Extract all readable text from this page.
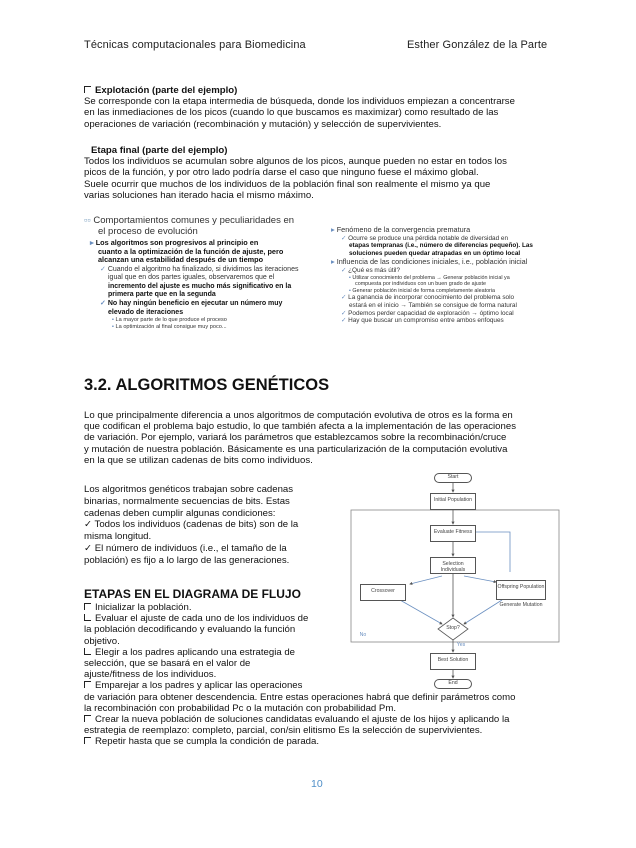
Técnicas computacionales para Biomedicina	Esther González de la Parte
Explotación (parte del ejemplo)
Se corresponde con la etapa intermedia de búsqueda, donde los individuos empiezan a concentrarse
en las inmediaciones de los picos (cuando lo que buscamos es maximizar) como resultado de las
operaciones de variación (recombinación y mutación) y selección de supervivientes.
Etapa final (parte del ejemplo)
Todos los individuos se acumulan sobre algunos de los picos, aunque pueden no estar en todos los
picos de la función, y por otro lado podría darse el caso que ninguno fuese el máximo global.
Suele ocurrir que muchos de los individuos de la población final son realmente el mismo ya que
varias soluciones han iterado hacia el mismo máximo.
▫▫ Comportamientos comunes y peculiaridades en
el proceso de evolución
▸ Los algoritmos son progresivos al principio en
cuanto a la optimización de la función de ajuste, pero
alcanzan una estabilidad después de un tiempo
✓ Cuando el algoritmo ha finalizado, si dividimos las iteraciones
igual que en dos partes iguales, observaremos que el
incremento del ajuste es mucho más significativo en la
primera parte que en la segunda
✓ No hay ningún beneficio en ejecutar un número muy
elevado de iteraciones
▪ La mayor parte de lo que produce el proceso
▪ La optimización al final consigue muy poco...
▸ Fenómeno de la convergencia prematura
✓ Ocurre se produce una pérdida notable de diversidad en
etapas tempranas (i.e., número de diferencias pequeño). Las
soluciones pueden quedar atrapadas en un óptimo local
▸ Influencia de las condiciones iniciales, i.e., población inicial
✓ ¿Qué es más útil?
▪ Utilizar conocimiento del problema → Generar población inicial ya
compuesta por individuos con un buen grado de ajuste
▪ Generar población inicial de forma completamente aleatoria
✓ La ganancia de incorporar conocimiento del problema solo
estará en el inicio → También se consigue de forma natural
✓ Podemos perder capacidad de exploración → óptimo local
✓ Hay que buscar un compromiso entre ambos enfoques
3.2. ALGORITMOS GENÉTICOS
Lo que principalmente diferencia a unos algoritmos de computación evolutiva de otros es la forma en
que codifican el problema bajo estudio, lo que también afecta a la implementación de las operaciones
de variación. Por ejemplo, variará los parámetros que establezcamos sobre la recombinación/cruce
y mutación de nuestra población. Básicamente es una particularización de la computación evolutiva
en la que se utilizan cadenas de bits como individuos.
Los algoritmos genéticos trabajan sobre cadenas
binarias, normalmente secuencias de bits. Estas
cadenas deben cumplir algunas condiciones:
✓ Todos los individuos (cadenas de bits) son de la
misma longitud.
✓ El número de individuos (i.e., el tamaño de la
población) es fijo a lo largo de las generaciones.
ETAPAS EN EL DIAGRAMA DE FLUJO
Inicializar la población.
Evaluar el ajuste de cada uno de los individuos de
la población decodificando y evaluando la función
objetivo.
Elegir a los padres aplicando una estrategia de
selección, que se basará en el valor de
ajuste/fitness de los individuos.
Emparejar a los padres y aplicar las operaciones
de variación para obtener descendencia. Entre estas operaciones habrá que definir parámetros como
la recombinación con probabilidad Pc o la mutación con probabilidad Pm.
Crear la nueva población de soluciones candidatas evaluando el ajuste de los hijos y aplicando la
estrategia de reemplazo: completo, parcial, con/sin elitismo Es la selección de supervivientes.
Repetir hasta que se cumpla la condición de parada.
Start
Initial Population
Evaluate Fitness
Selection Individuals
Crossover
Offspring Population
Generate Mutation
Stop?
Best Solution
End
Yes
No
10
